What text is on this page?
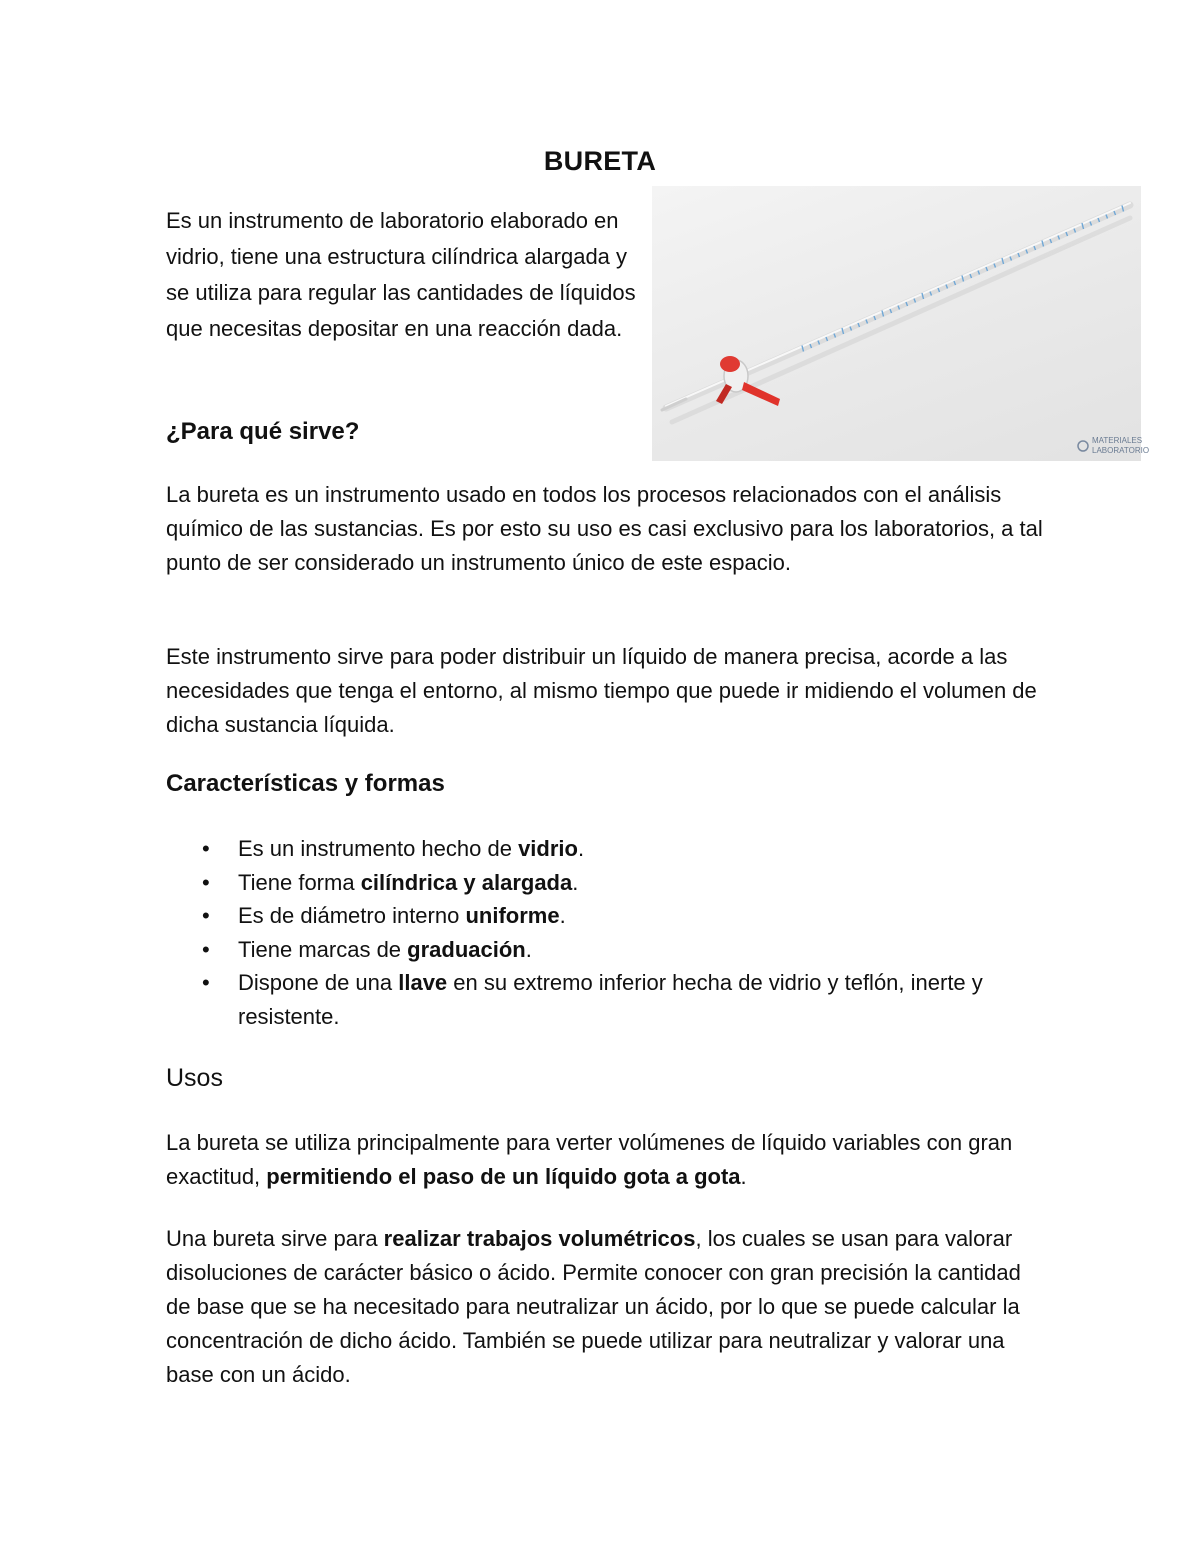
BURETA

Es un instrumento de laboratorio elaborado en vidrio, tiene una estructura cilíndrica alargada y se utiliza para regular las cantidades de líquidos que necesitas depositar en una reacción dada.

MATERIALES
LABORATORIO
¿Para qué sirve?

La bureta es un instrumento usado en todos los procesos relacionados con el análisis químico de las sustancias. Es por esto su uso es casi exclusivo para los laboratorios, a tal punto de ser considerado un instrumento único de este espacio.

Este instrumento sirve para poder distribuir un líquido de manera precisa, acorde a las necesidades que tenga el entorno, al mismo tiempo que puede ir midiendo el volumen de dicha sustancia líquida.

Características y formas
• Es un instrumento hecho de vidrio.
• Tiene forma cilíndrica y alargada.
• Es de diámetro interno uniforme.
• Tiene marcas de graduación.
• Dispone de una llave en su extremo inferior hecha de vidrio y teflón, inerte y resistente.
Usos

La bureta se utiliza principalmente para verter volúmenes de líquido variables con gran exactitud, permitiendo el paso de un líquido gota a gota.

Una bureta sirve para realizar trabajos volumétricos, los cuales se usan para valorar disoluciones de carácter básico o ácido. Permite conocer con gran precisión la cantidad de base que se ha necesitado para neutralizar un ácido, por lo que se puede calcular la concentración de dicho ácido. También se puede utilizar para neutralizar y valorar una base con un ácido.
